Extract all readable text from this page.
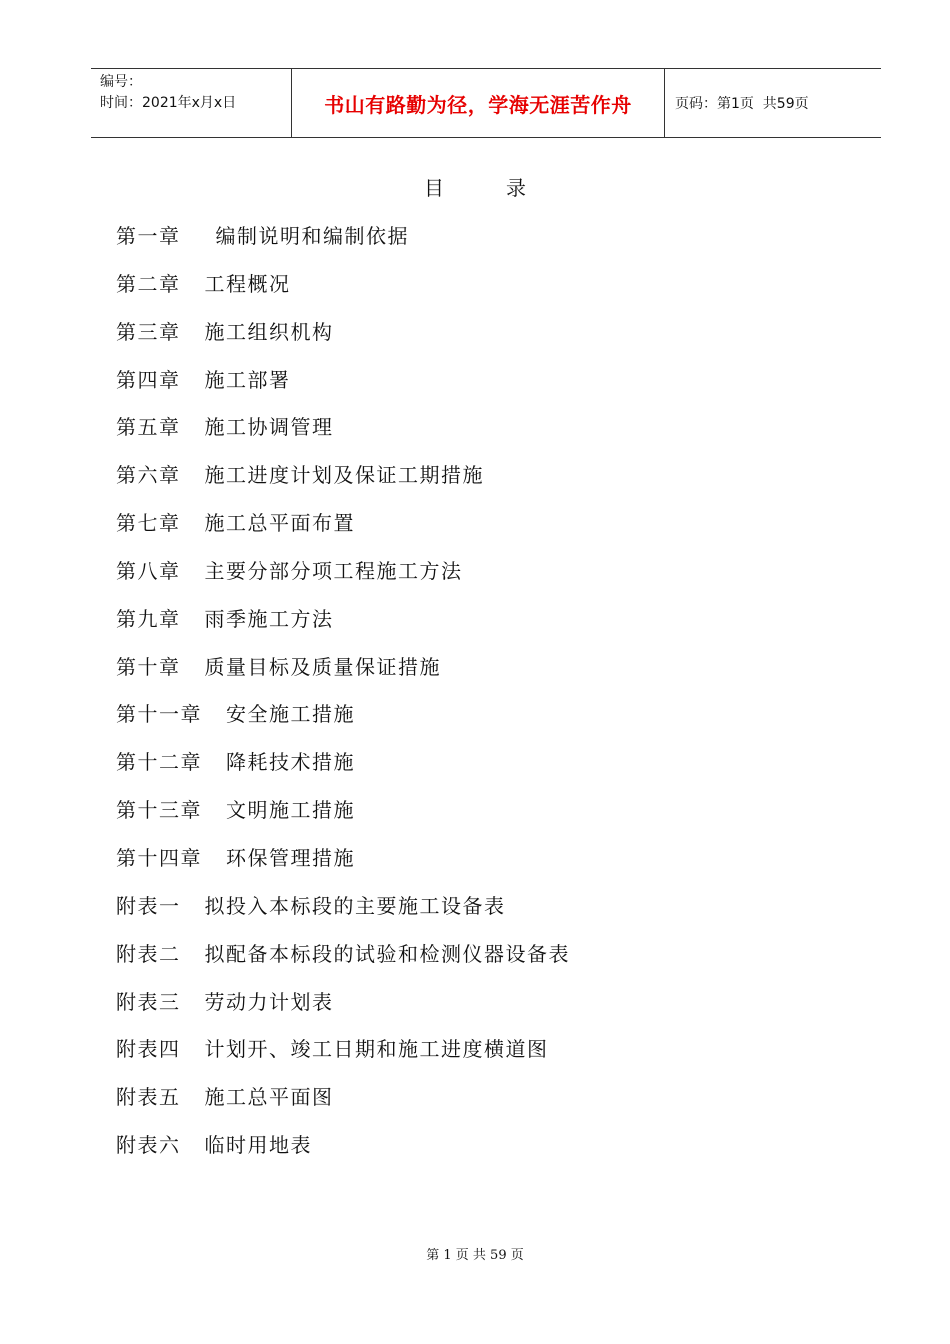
编号：
时间：2021年x月x日	书山有路勤为径，学海无涯苦作舟	页码：第1页  共59页
目	录
第一章 编制说明和编制依据
第二章 工程概况
第三章 施工组织机构
第四章 施工部署
第五章 施工协调管理
第六章 施工进度计划及保证工期措施
第七章 施工总平面布置
第八章 主要分部分项工程施工方法
第九章 雨季施工方法
第十章 质量目标及质量保证措施
第十一章 安全施工措施
第十二章 降耗技术措施
第十三章 文明施工措施
第十四章 环保管理措施
附表一 拟投入本标段的主要施工设备表
附表二 拟配备本标段的试验和检测仪器设备表
附表三 劳动力计划表
附表四 计划开、竣工日期和施工进度横道图
附表五 施工总平面图
附表六 临时用地表
第 1 页 共 59 页
